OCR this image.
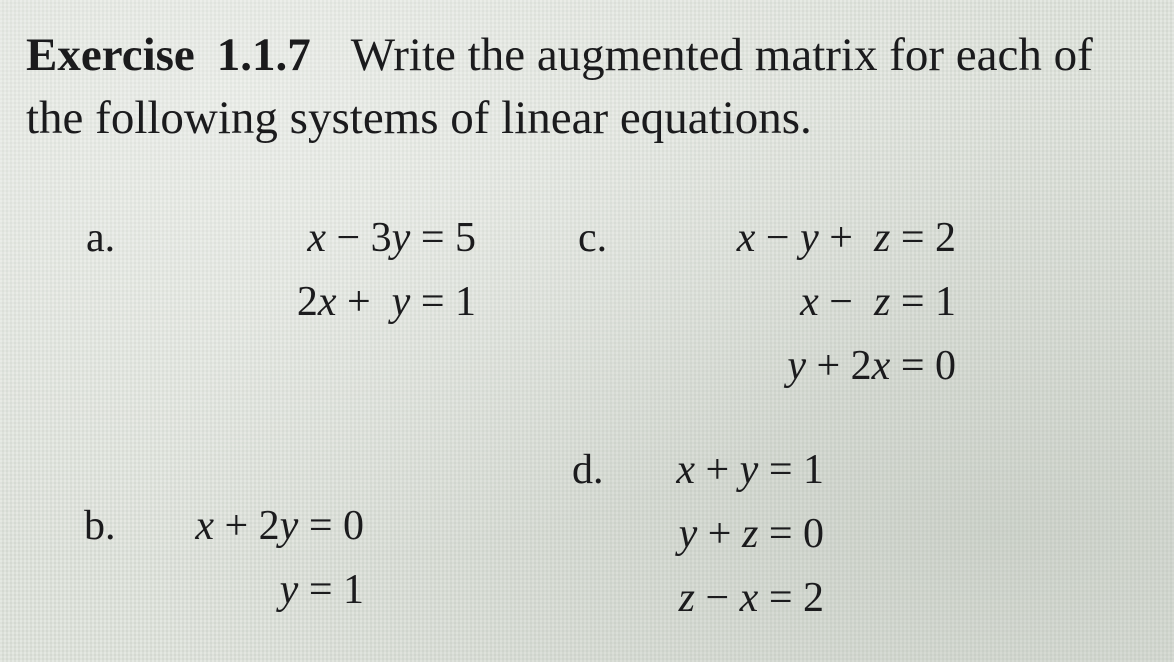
Exercise 1.1.7 Write the augmented matrix for each of the following systems of linear equations.

a.	x − 3y = 5
2x + y = 1
c.	x − y + z = 2
x − z = 1
y + 2x = 0
d.	x + y = 1
y + z = 0
z − x = 2
b.	x + 2y = 0
y = 1
